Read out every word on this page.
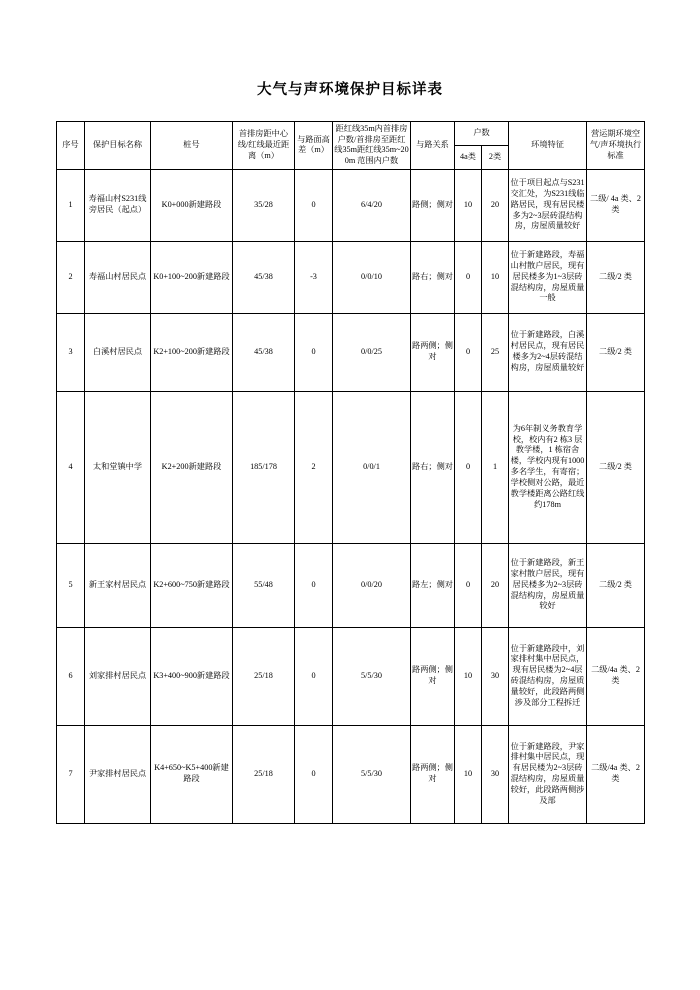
大气与声环境保护目标详表
序号	保护目标名称	桩号	首排房距中心线/红线最近距离（m）	与路面高差（m）	距红线35m内首排房户数/首排房至距红线35m距红线35m~200m 范围内户数	与路关系	户数		环境特征	营运期环境空气/声环境执行标准
							4a类	2类		
1	寿福山村S231线旁居民（起点）	K0+000新建路段	35/28	0	6/4/20	路侧；侧对	10	20	位于项目起点与S231交汇处，为S231线临路居民，现有居民楼多为2~3层砖混结构房，房屋质量较好	二级/ 4a 类、2 类
2	寿福山村居民点	K0+100~200新建路段	45/38	-3	0/0/10	路右；侧对	0	10	位于新建路段，寿福山村散户居民，现有居民楼多为1~3层砖混结构房，房屋质量一般	二级/2 类
3	白溪村居民点	K2+100~200新建路段	45/38	0	0/0/25	路两侧；侧对	0	25	位于新建路段，白溪村居民点，现有居民楼多为2~4层砖混结构房，房屋质量较好	二级/2 类
4	太和堂镇中学	K2+200新建路段	185/178	2	0/0/1	路右；侧对	0	1	为6年制义务教育学校，校内有2 栋3 层教学楼，1 栋宿舍楼，学校内现有1000 多名学生，有寄宿；学校侧对公路，最近教学楼距离公路红线约178m	二级/2 类
5	新王家村居民点	K2+600~750新建路段	55/48	0	0/0/20	路左；侧对	0	20	位于新建路段，新王家村散户居民，现有居民楼多为2~3层砖混结构房，房屋质量较好	二级/2 类
6	刘家排村居民点	K3+400~900新建路段	25/18	0	5/5/30	路两侧；侧对	10	30	位于新建路段中，刘家排村集中居民点，现有居民楼为2~4层砖混结构房，房屋质量较好，此段路两侧涉及部分工程拆迁	二级/4a 类、2 类
7	尹家排村居民点	K4+650~K5+400新建路段	25/18	0	5/5/30	路两侧；侧对	10	30	位于新建路段，尹家排村集中居民点，现有居民楼为2~3层砖混结构房，房屋质量较好，此段路两侧涉及部	二级/4a 类、2 类
